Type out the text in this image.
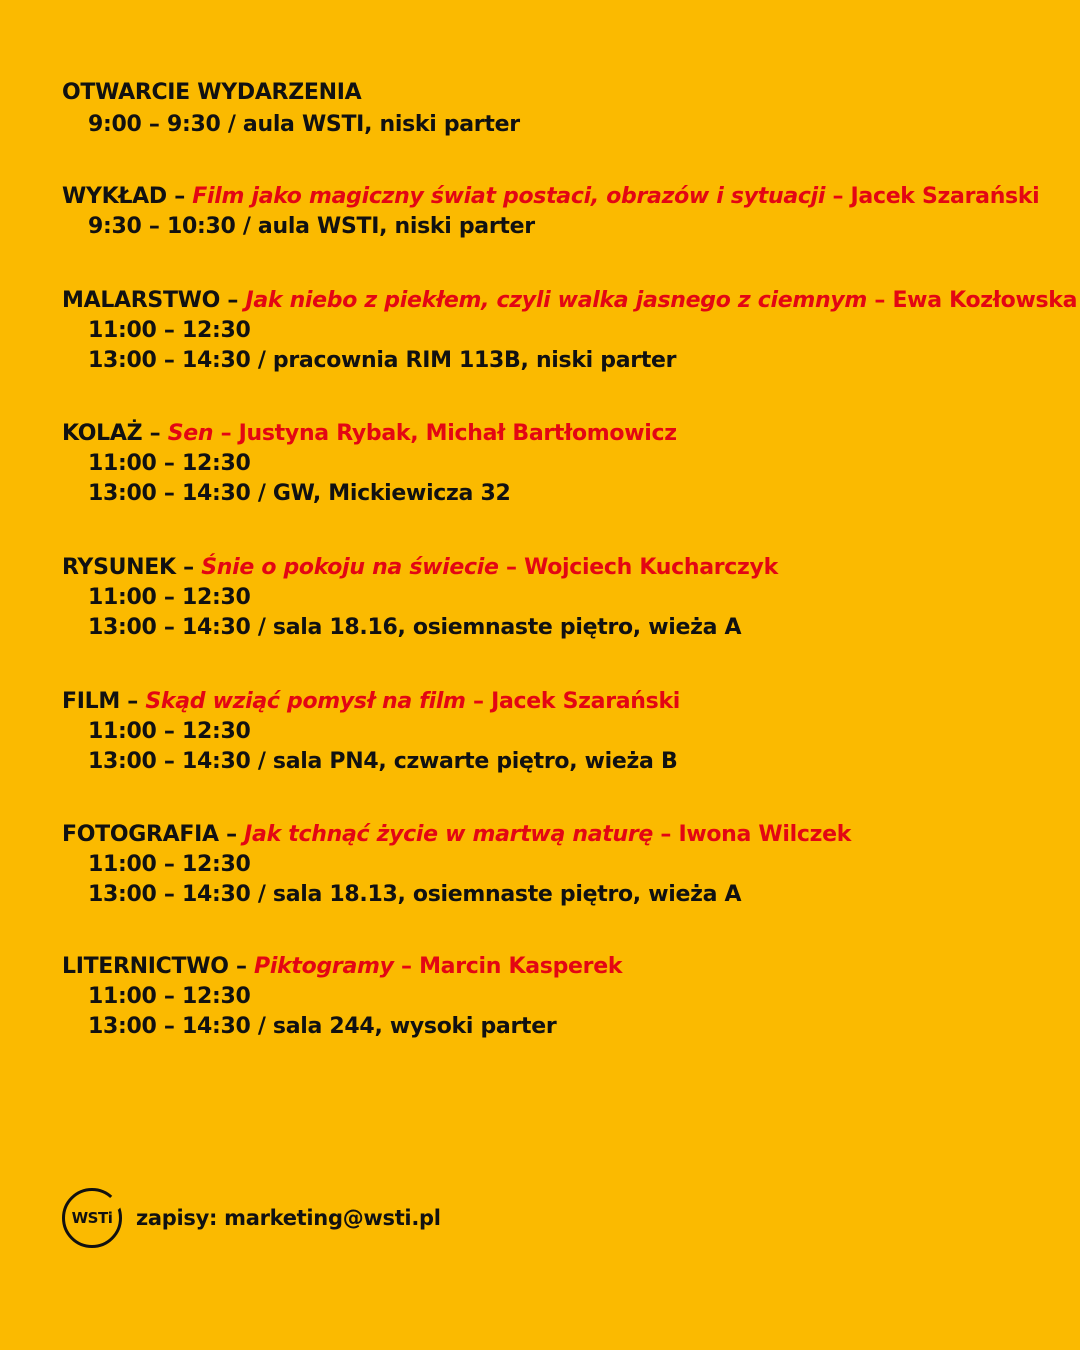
OTWARCIE WYDARZENIA
9:00 – 9:30 / aula WSTI, niski parter
WYKŁAD – Film jako magiczny świat postaci, obrazów i sytuacji – Jacek Szarański
9:30 – 10:30 / aula WSTI, niski parter
MALARSTWO – Jak niebo z piekłem, czyli walka jasnego z ciemnym – Ewa Kozłowska
11:00 – 12:30
13:00 – 14:30 / pracownia RIM 113B, niski parter
KOLAŻ – Sen – Justyna Rybak, Michał Bartłomowicz
11:00 – 12:30
13:00 – 14:30 / GW, Mickiewicza 32
RYSUNEK – Śnie o pokoju na świecie – Wojciech Kucharczyk
11:00 – 12:30
13:00 – 14:30 / sala 18.16, osiemnaste piętro, wieża A
FILM – Skąd wziąć pomysł na film – Jacek Szarański
11:00 – 12:30
13:00 – 14:30 / sala PN4, czwarte piętro, wieża B
FOTOGRAFIA – Jak tchnąć życie w martwą naturę – Iwona Wilczek
11:00 – 12:30
13:00 – 14:30 / sala 18.13, osiemnaste piętro, wieża A
LITERNICTWO – Piktogramy – Marcin Kasperek
11:00 – 12:30
13:00 – 14:30 / sala 244, wysoki parter
WSTi zapisy: marketing@wsti.pl
